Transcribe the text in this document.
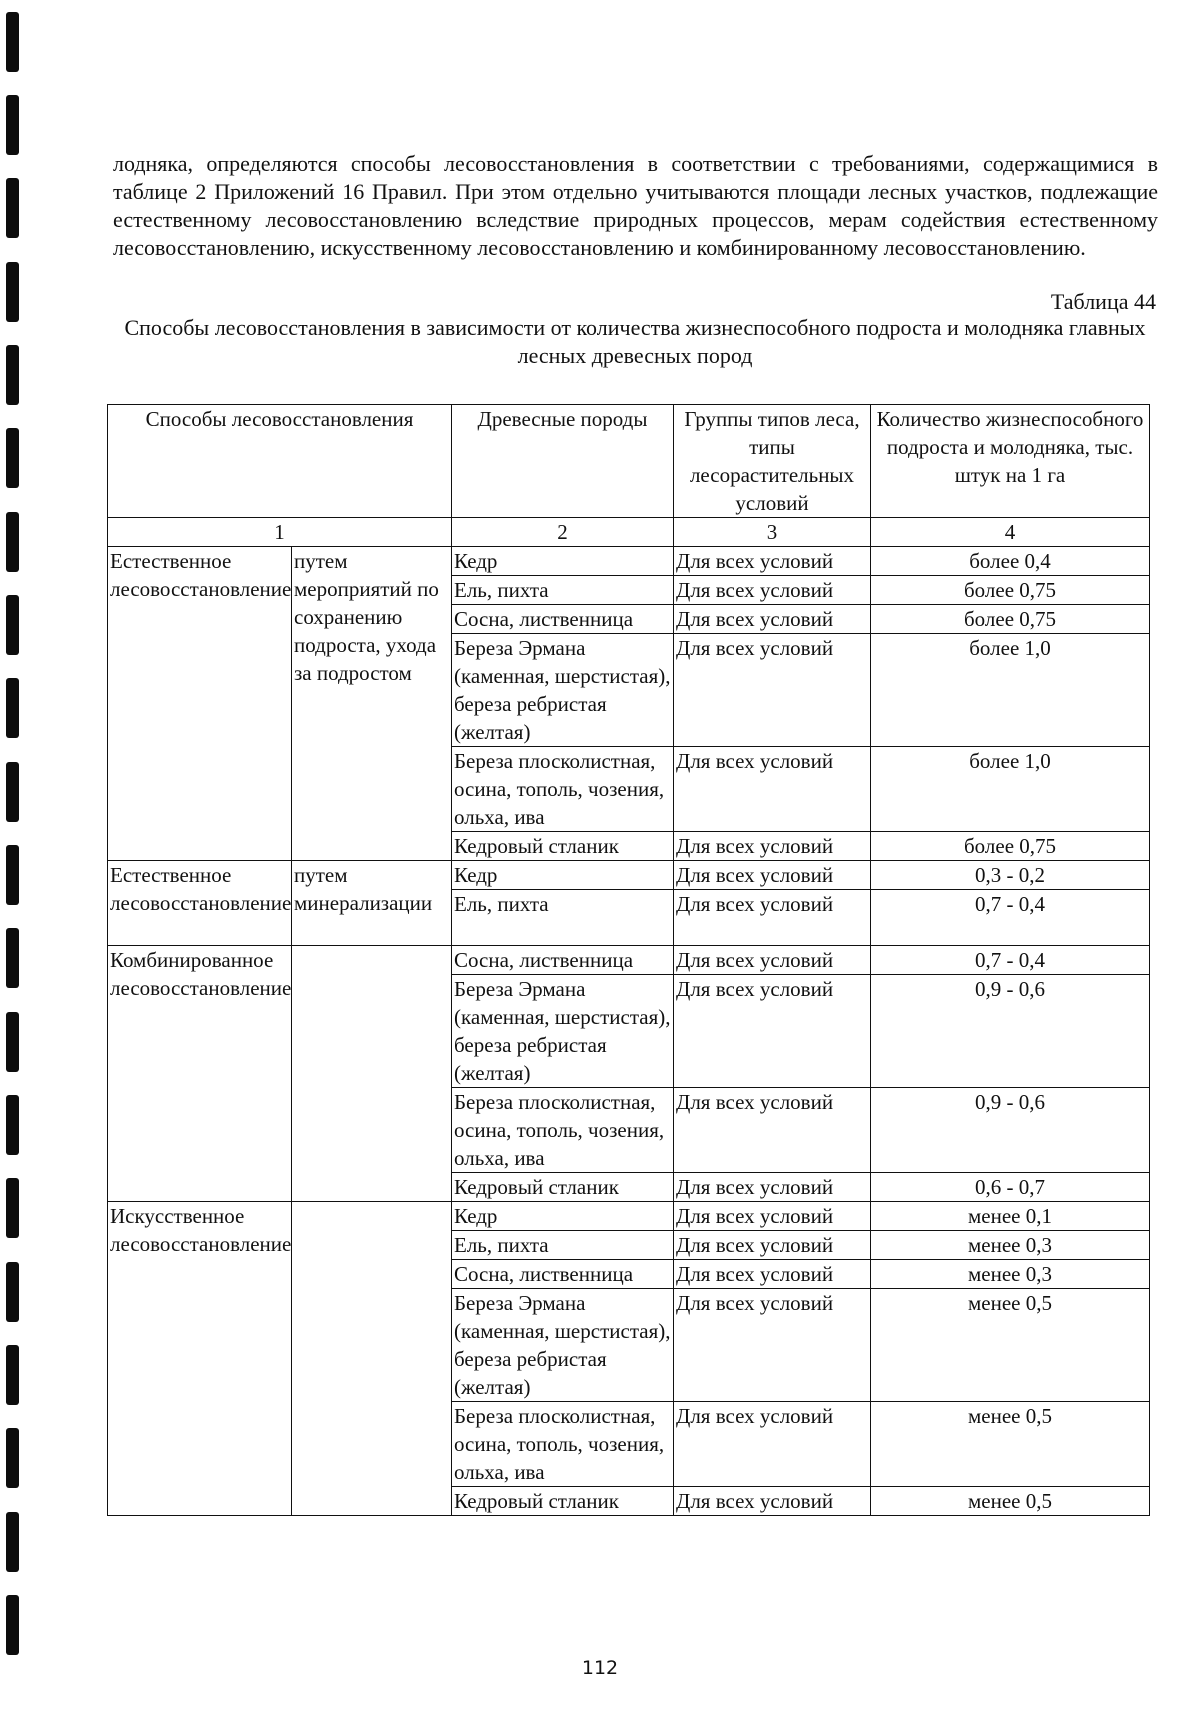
лодняка, определяются способы лесовосстановления в соответствии с требованиями, содержащимися в таблице 2 Приложений 16 Правил. При этом отдельно учитываются площади лесных участков, подлежащие естественному лесовосстановлению вследствие природных процессов, мерам содействия естественному лесовосстановлению, искусственному лесовосстановлению и комбинированному лесовосстановлению.
Таблица 44
Способы лесовосстановления в зависимости от количества жизнеспособного подроста и молодняка главных лесных древесных пород
Способы лесовосстановления		Древесные породы	Группы типов леса, типы лесорастительных условий	Количество жизнеспособного подроста и молодняка, тыс. штук на 1 га
1		2	3	4
Естественное лесовосстановление	путем мероприятий по сохранению подроста, ухода за подростом	Кедр	Для всех условий	более 0,4
		Ель, пихта	Для всех условий	более 0,75
		Сосна, лиственница	Для всех условий	более 0,75
		Береза Эрмана (каменная, шерстистая), береза ребристая (желтая)	Для всех условий	более 1,0
		Береза плосколистная, осина, тополь, чозения, ольха, ива	Для всех условий	более 1,0
		Кедровый стланик	Для всех условий	более 0,75
Естественное лесовосстановление	путем минерализации	Кедр	Для всех условий	0,3 - 0,2
		Ель, пихта	Для всех условий	0,7 - 0,4
Комбинированное лесовосстановление		Сосна, лиственница	Для всех условий	0,7 - 0,4
		Береза Эрмана (каменная, шерстистая), береза ребристая (желтая)	Для всех условий	0,9 - 0,6
		Береза плосколистная, осина, тополь, чозения, ольха, ива	Для всех условий	0,9 - 0,6
		Кедровый стланик	Для всех условий	0,6 - 0,7
Искусственное лесовосстановление		Кедр	Для всех условий	менее 0,1
		Ель, пихта	Для всех условий	менее 0,3
		Сосна, лиственница	Для всех условий	менее 0,3
		Береза Эрмана (каменная, шерстистая), береза ребристая (желтая)	Для всех условий	менее 0,5
		Береза плосколистная, осина, тополь, чозения, ольха, ива	Для всех условий	менее 0,5
		Кедровый стланик	Для всех условий	менее 0,5
112
